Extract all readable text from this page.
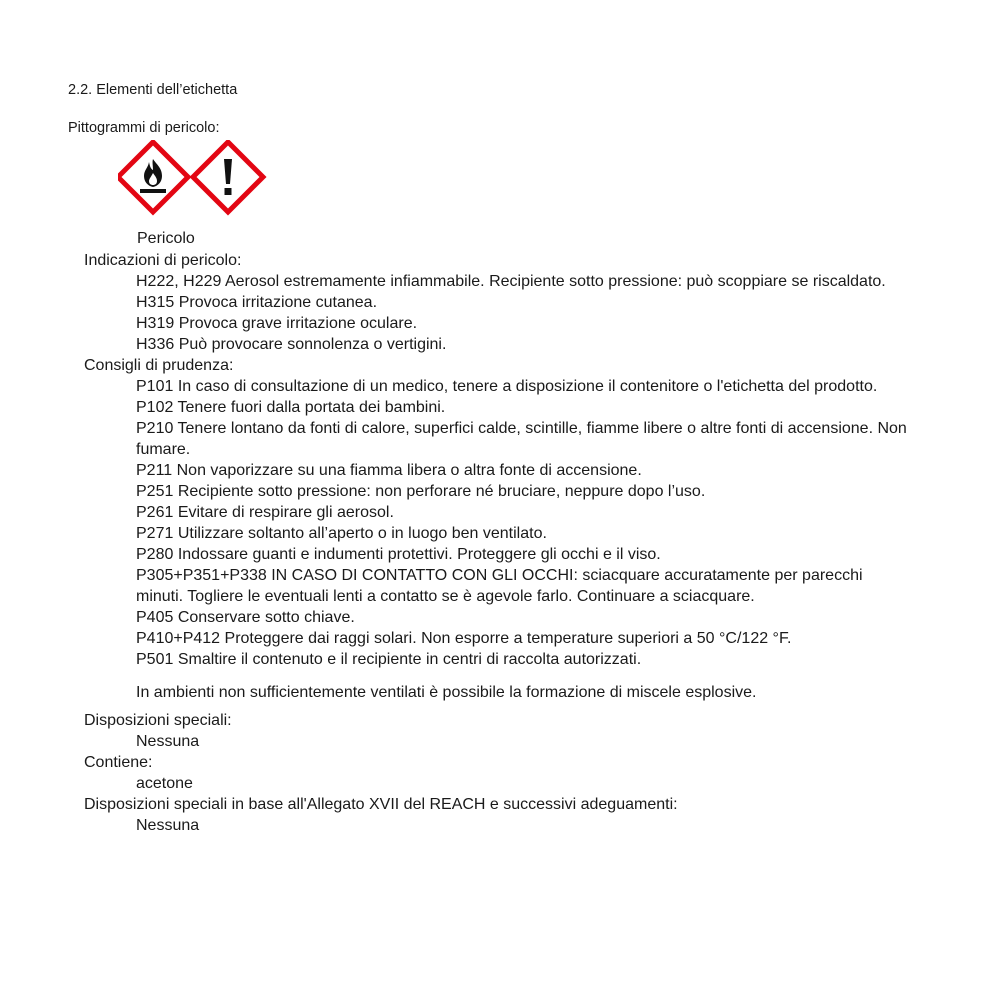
2.2. Elementi dell’etichetta
Pittogrammi di pericolo:
Pericolo
Indicazioni di pericolo:
H222, H229 Aerosol estremamente infiammabile. Recipiente sotto pressione: può scoppiare se riscaldato.
H315 Provoca irritazione cutanea.
H319 Provoca grave irritazione oculare.
H336 Può provocare sonnolenza o vertigini.
Consigli di prudenza:
P101 In caso di consultazione di un medico, tenere a disposizione il contenitore o l'etichetta del prodotto.
P102 Tenere fuori dalla portata dei bambini.
P210 Tenere lontano da fonti di calore, superfici calde, scintille, fiamme libere o altre fonti di accensione. Non fumare.
P211 Non vaporizzare su una fiamma libera o altra fonte di accensione.
P251 Recipiente sotto pressione: non perforare né bruciare, neppure dopo l’uso.
P261 Evitare di respirare gli aerosol.
P271 Utilizzare soltanto all’aperto o in luogo ben ventilato.
P280 Indossare guanti e indumenti protettivi. Proteggere gli occhi e il viso.
P305+P351+P338 IN CASO DI CONTATTO CON GLI OCCHI: sciacquare accuratamente per parecchi minuti. Togliere le eventuali lenti a contatto se è agevole farlo. Continuare a sciacquare.
P405 Conservare sotto chiave.
P410+P412 Proteggere dai raggi solari. Non esporre a temperature superiori a 50 °C/122 °F.
P501 Smaltire il contenuto e il recipiente in centri di raccolta autorizzati.
In ambienti non sufficientemente ventilati è possibile la formazione di miscele esplosive.
Disposizioni speciali:
Nessuna
Contiene:
acetone
Disposizioni speciali in base all'Allegato XVII del REACH e successivi adeguamenti:
Nessuna
